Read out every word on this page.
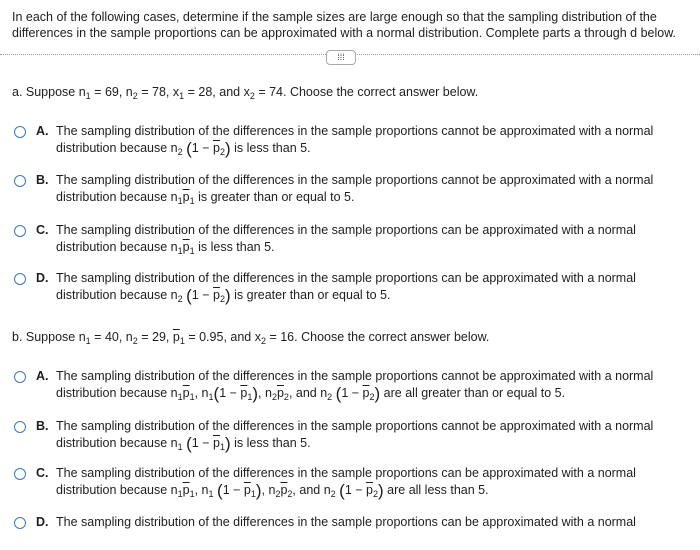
In each of the following cases, determine if the sample sizes are large enough so that the sampling distribution of the differences in the sample proportions can be approximated with a normal distribution. Complete parts a through d below.
⁞⁞⁞
a. Suppose $n_1 = 69$, $n_2 = 78$, $x_1 = 28$, and $x_2 = 74$. Choose the correct answer below.
A. The sampling distribution of the differences in the sample proportions cannot be approximated with a normal
distribution because $n_2$ $(1 - \overline{p}_2)$ is less than 5.
B. The sampling distribution of the differences in the sample proportions cannot be approximated with a normal
distribution because $n_1\overline{p}_1$ is greater than or equal to 5.
C. The sampling distribution of the differences in the sample proportions can be approximated with a normal
distribution because $n_1\overline{p}_1$ is less than 5.
D. The sampling distribution of the differences in the sample proportions can be approximated with a normal
distribution because $n_2$ $(1 - \overline{p}_2)$ is greater than or equal to 5.
b. Suppose $n_1 = 40$, $n_2 = 29$, $\overline{p}_1 = 0.95$, and $x_2 = 16$. Choose the correct answer below.
A. The sampling distribution of the differences in the sample proportions cannot be approximated with a normal
distribution because $n_1\overline{p}_1$, $n_1(1 - \overline{p}_1)$, $n_2\overline{p}_2$, and $n_2$ $(1 - \overline{p}_2)$ are all greater than or equal to 5.
B. The sampling distribution of the differences in the sample proportions cannot be approximated with a normal
distribution because $n_1$ $(1 - \overline{p}_1)$ is less than 5.
C. The sampling distribution of the differences in the sample proportions can be approximated with a normal
distribution because $n_1\overline{p}_1$, $n_1$ $(1 - \overline{p}_1)$, $n_2\overline{p}_2$, and $n_2$ $(1 - \overline{p}_2)$ are all less than 5.
D. The sampling distribution of the differences in the sample proportions can be approximated with a normal
